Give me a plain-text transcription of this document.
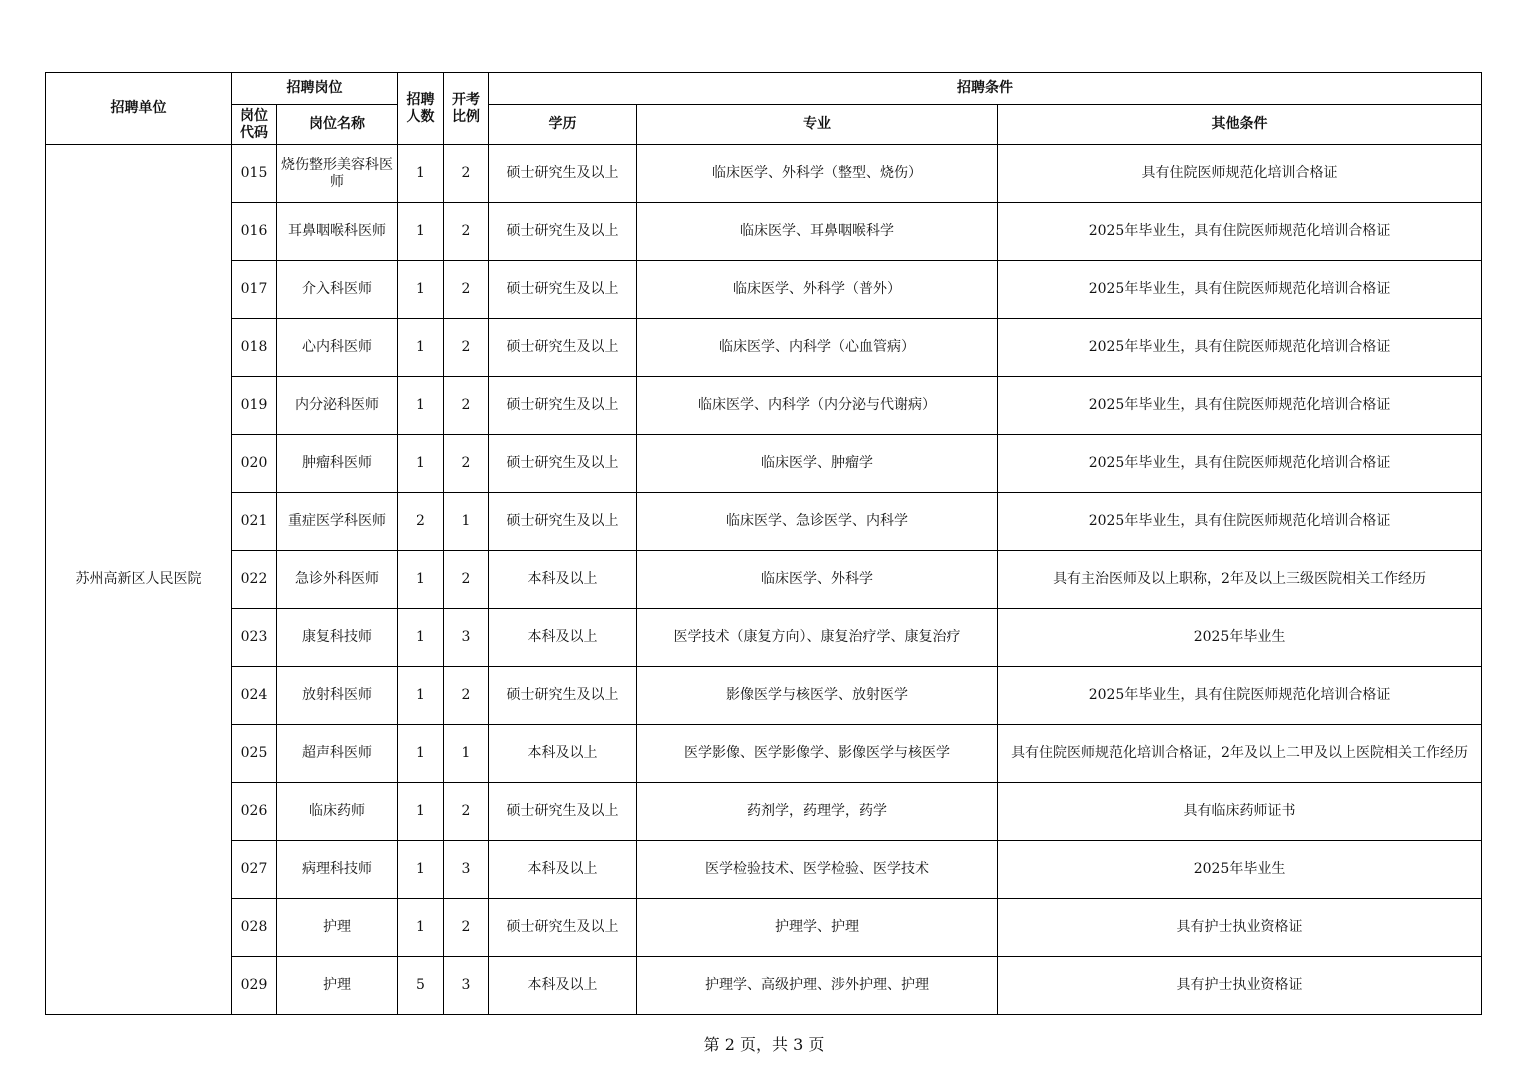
招聘单位	招聘岗位		招聘人数	开考比例	招聘条件		
	岗位代码	岗位名称			学历	专业	其他条件
苏州高新区人民医院	015	烧伤整形美容科医师	1	2	硕士研究生及以上	临床医学、外科学（整型、烧伤）	具有住院医师规范化培训合格证
	016	耳鼻咽喉科医师	1	2	硕士研究生及以上	临床医学、耳鼻咽喉科学	2025年毕业生，具有住院医师规范化培训合格证
	017	介入科医师	1	2	硕士研究生及以上	临床医学、外科学（普外）	2025年毕业生，具有住院医师规范化培训合格证
	018	心内科医师	1	2	硕士研究生及以上	临床医学、内科学（心血管病）	2025年毕业生，具有住院医师规范化培训合格证
	019	内分泌科医师	1	2	硕士研究生及以上	临床医学、内科学（内分泌与代谢病）	2025年毕业生，具有住院医师规范化培训合格证
	020	肿瘤科医师	1	2	硕士研究生及以上	临床医学、肿瘤学	2025年毕业生，具有住院医师规范化培训合格证
	021	重症医学科医师	2	1	硕士研究生及以上	临床医学、急诊医学、内科学	2025年毕业生，具有住院医师规范化培训合格证
	022	急诊外科医师	1	2	本科及以上	临床医学、外科学	具有主治医师及以上职称，2年及以上三级医院相关工作经历
	023	康复科技师	1	3	本科及以上	医学技术（康复方向）、康复治疗学、康复治疗	2025年毕业生
	024	放射科医师	1	2	硕士研究生及以上	影像医学与核医学、放射医学	2025年毕业生，具有住院医师规范化培训合格证
	025	超声科医师	1	1	本科及以上	医学影像、医学影像学、影像医学与核医学	具有住院医师规范化培训合格证，2年及以上二甲及以上医院相关工作经历
	026	临床药师	1	2	硕士研究生及以上	药剂学，药理学，药学	具有临床药师证书
	027	病理科技师	1	3	本科及以上	医学检验技术、医学检验、医学技术	2025年毕业生
	028	护理	1	2	硕士研究生及以上	护理学、护理	具有护士执业资格证
	029	护理	5	3	本科及以上	护理学、高级护理、涉外护理、护理	具有护士执业资格证
第 2 页，共 3 页
